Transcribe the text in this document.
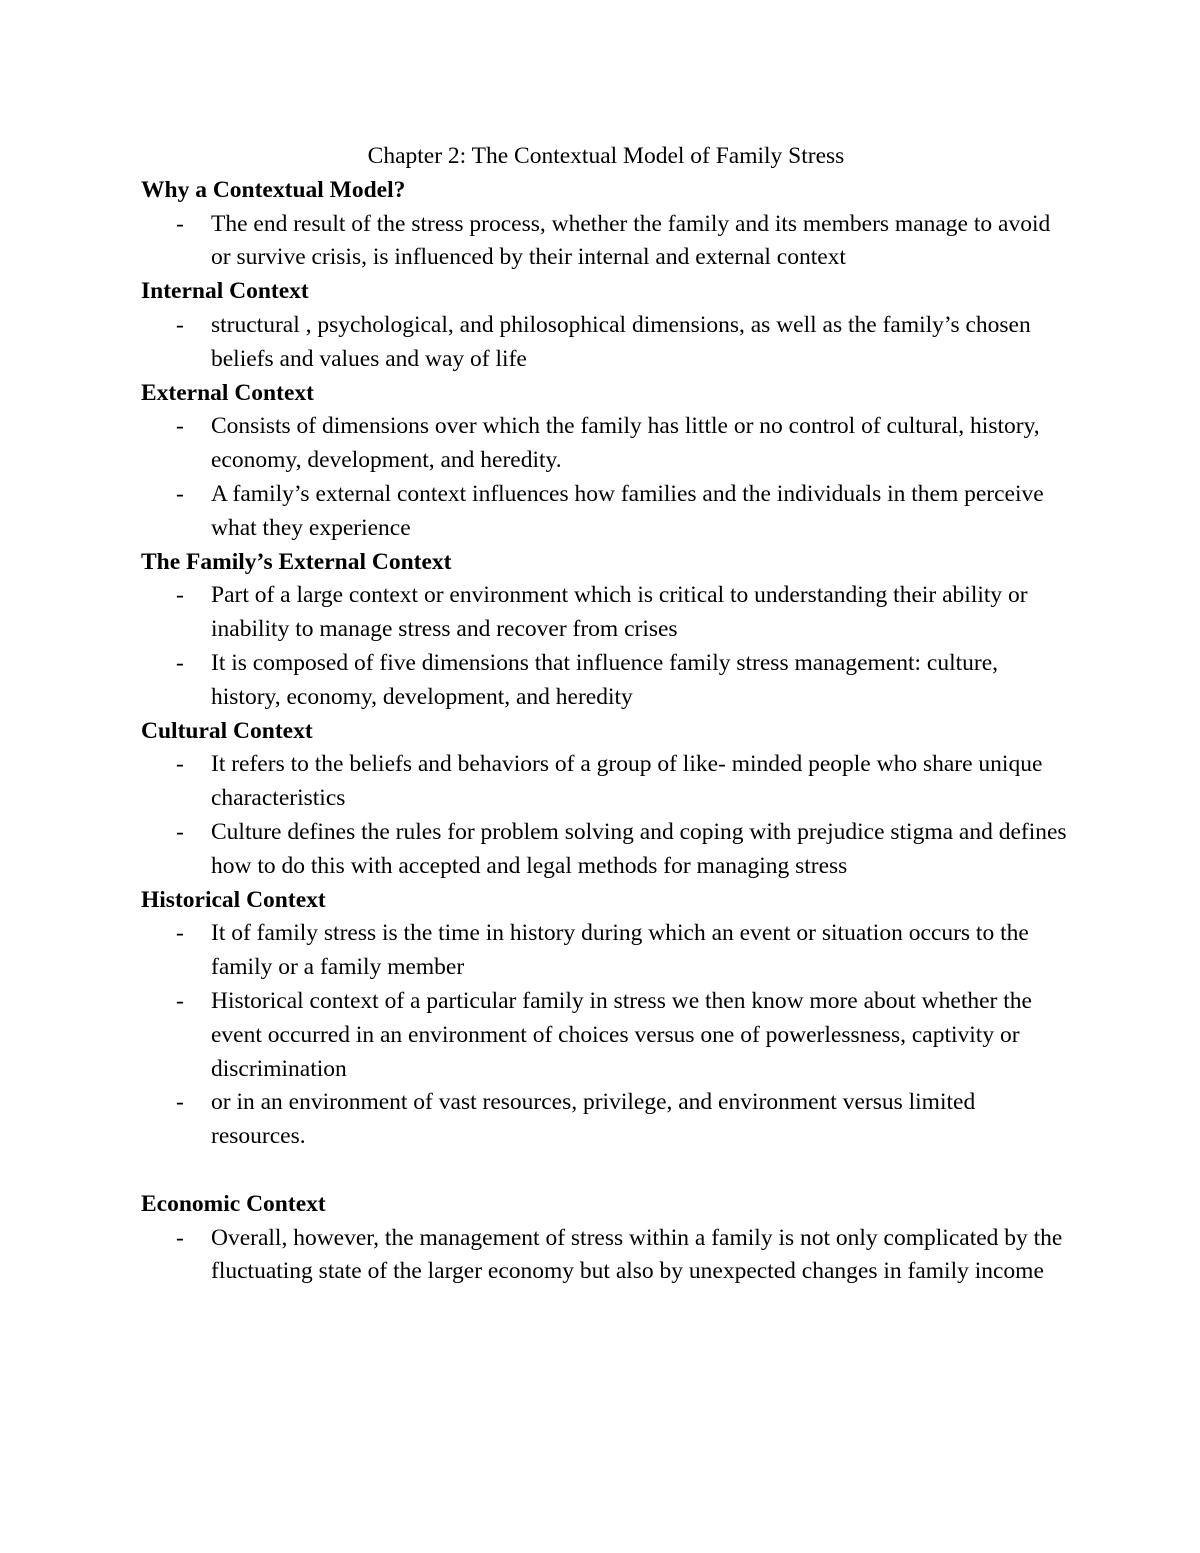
Chapter 2: The Contextual Model of Family Stress

Why a Contextual Model?

- The end result of the stress process, whether the family and its members manage to avoid or survive crisis, is influenced by their internal and external context

Internal Context

- structural , psychological, and philosophical dimensions, as well as the family’s chosen beliefs and values and way of life

External Context

- Consists of dimensions over which the family has little or no control of cultural, history, economy, development, and heredity.
- A family’s external context influences how families and the individuals in them perceive what they experience

The Family’s External Context

- Part of a large context or environment which is critical to understanding their ability or inability to manage stress and recover from crises
- It is composed of five dimensions that influence family stress management: culture, history, economy, development, and heredity

Cultural Context

- It refers to the beliefs and behaviors of a group of like- minded people who share unique characteristics
- Culture defines the rules for problem solving and coping with prejudice stigma and defines how to do this with accepted and legal methods for managing stress

Historical Context

- It of family stress is the time in history during which an event or situation occurs to the family or a family member
- Historical context of a particular family in stress we then know more about whether the event occurred in an environment of choices versus one of powerlessness, captivity or discrimination
- or in an environment of vast resources, privilege, and environment versus limited resources.

Economic Context

- Overall, however, the management of stress within a family is not only complicated by the fluctuating state of the larger economy but also by unexpected changes in family income
